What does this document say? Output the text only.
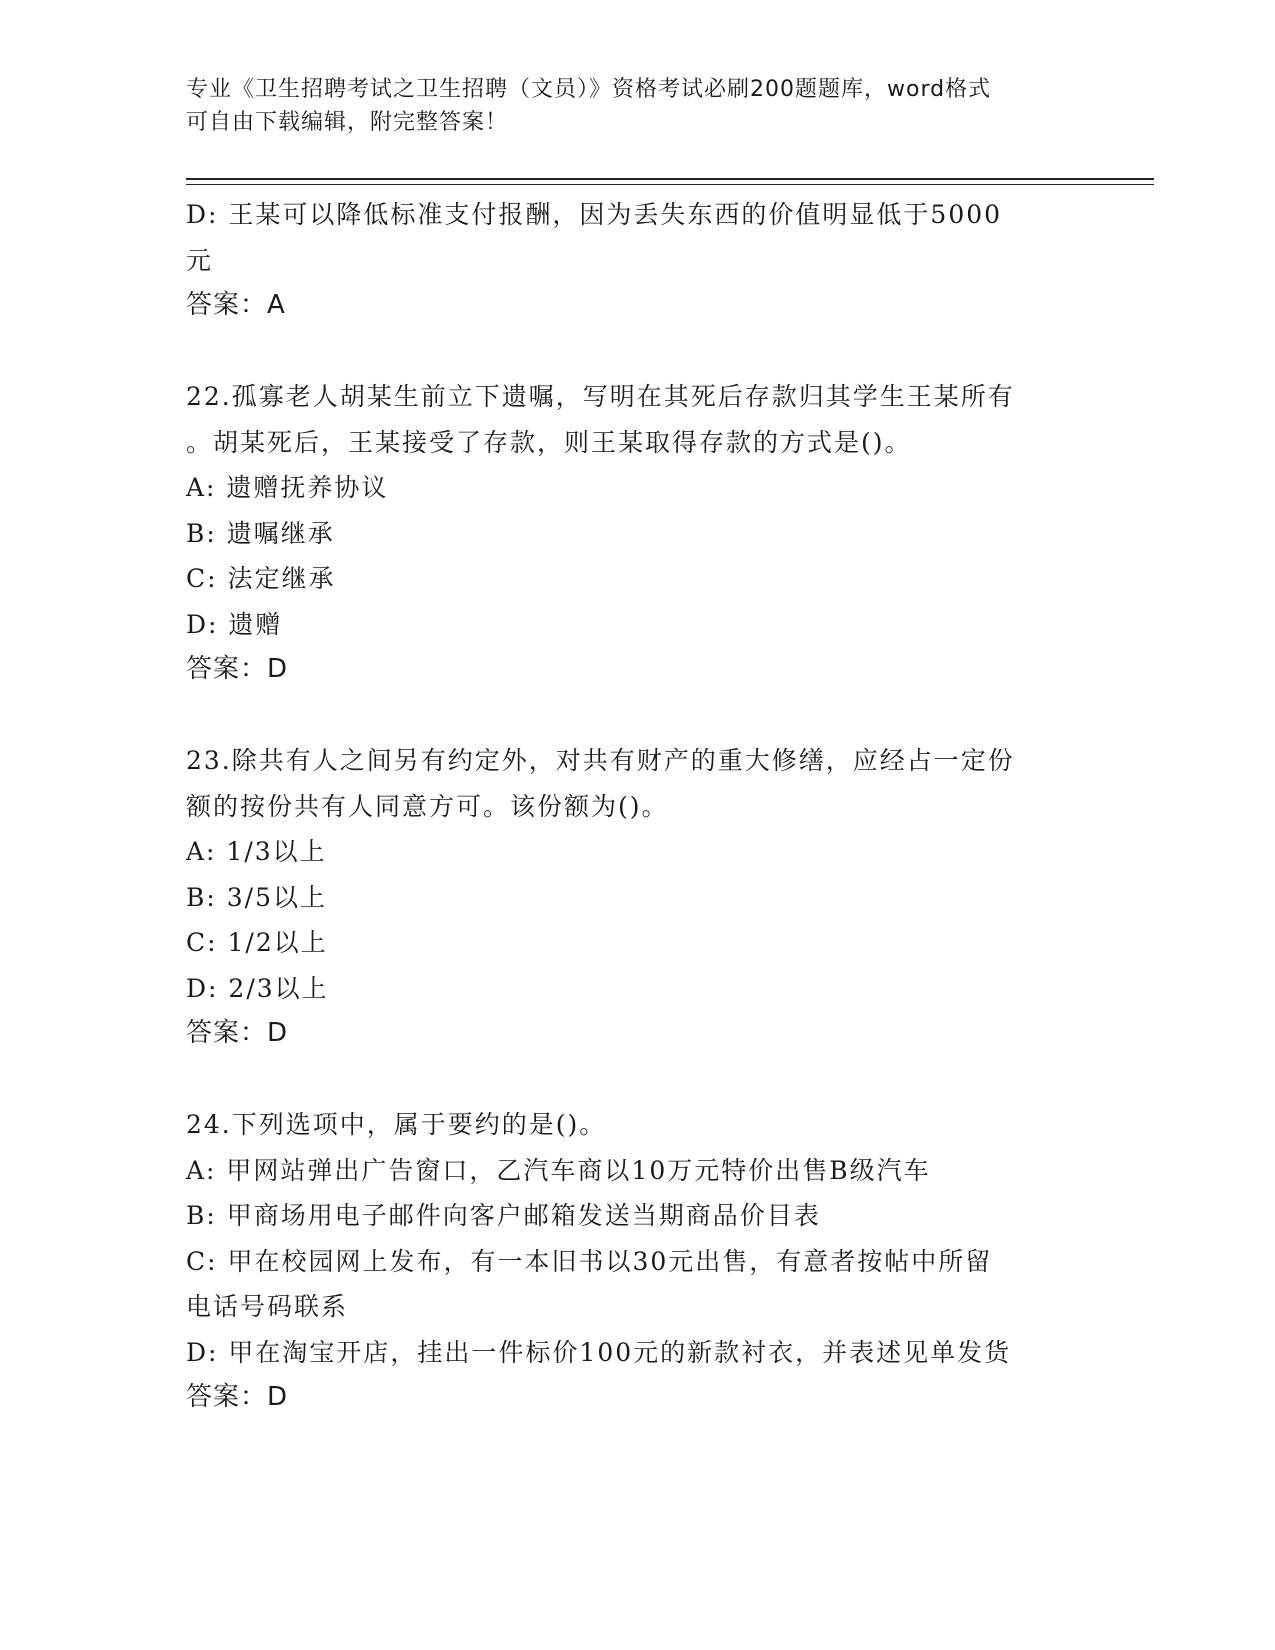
专业《卫生招聘考试之卫生招聘（文员）》资格考试必刷200题题库，word格式
可自由下载编辑，附完整答案！
D: 王某可以降低标准支付报酬，因为丢失东西的价值明显低于5000
元
答案：A
22.孤寡老人胡某生前立下遗嘱，写明在其死后存款归其学生王某所有
。胡某死后，王某接受了存款，则王某取得存款的方式是()。
A: 遗赠抚养协议
B: 遗嘱继承
C: 法定继承
D: 遗赠
答案：D
23.除共有人之间另有约定外，对共有财产的重大修缮，应经占一定份
额的按份共有人同意方可。该份额为()。
A: 1/3以上
B: 3/5以上
C: 1/2以上
D: 2/3以上
答案：D
24.下列选项中，属于要约的是()。
A: 甲网站弹出广告窗口，乙汽车商以10万元特价出售B级汽车
B: 甲商场用电子邮件向客户邮箱发送当期商品价目表
C: 甲在校园网上发布，有一本旧书以30元出售，有意者按帖中所留
电话号码联系
D: 甲在淘宝开店，挂出一件标价100元的新款衬衣，并表述见单发货
答案：D
